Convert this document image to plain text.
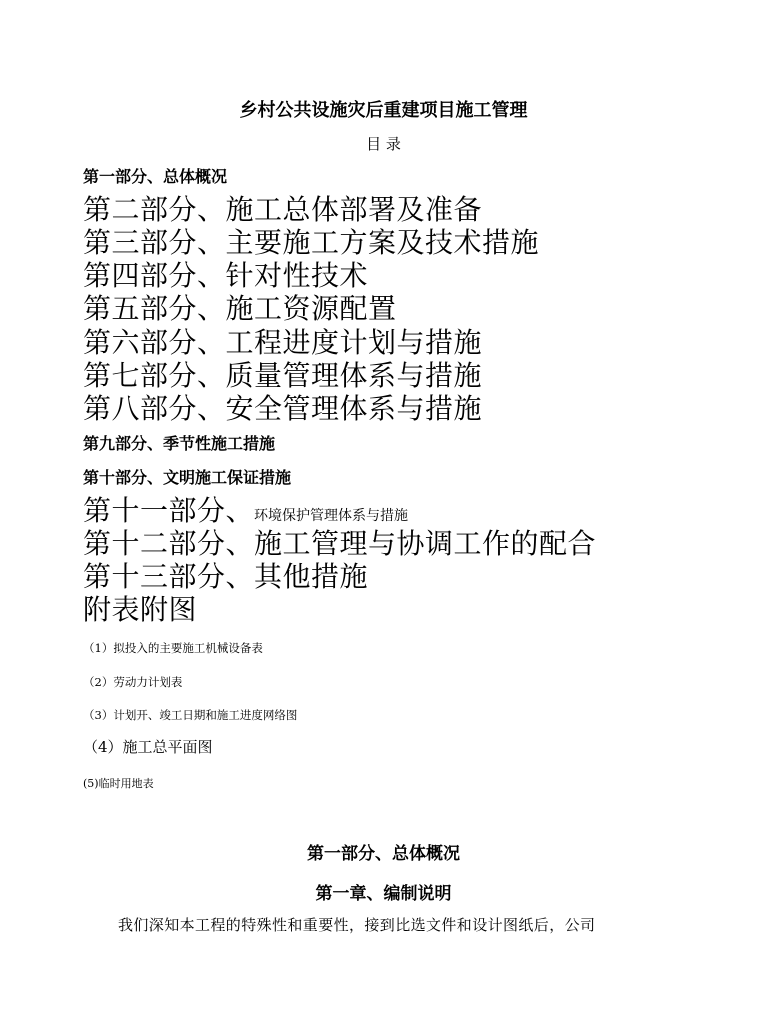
乡村公共设施灾后重建项目施工管理
目 录
第一部分、总体概况
第二部分、施工总体部署及准备
第三部分、主要施工方案及技术措施
第四部分、针对性技术
第五部分、施工资源配置
第六部分、工程进度计划与措施
第七部分、质量管理体系与措施
第八部分、安全管理体系与措施
第九部分、季节性施工措施
第十部分、文明施工保证措施
第十一部分、环境保护管理体系与措施
第十二部分、施工管理与协调工作的配合
第十三部分、其他措施
附表附图
（1）拟投入的主要施工机械设备表
（2）劳动力计划表
（3）计划开、竣工日期和施工进度网络图
（4）施工总平面图
(5)临时用地表
第一部分、总体概况
第一章、编制说明
我们深知本工程的特殊性和重要性，接到比选文件和设计图纸后，公司
